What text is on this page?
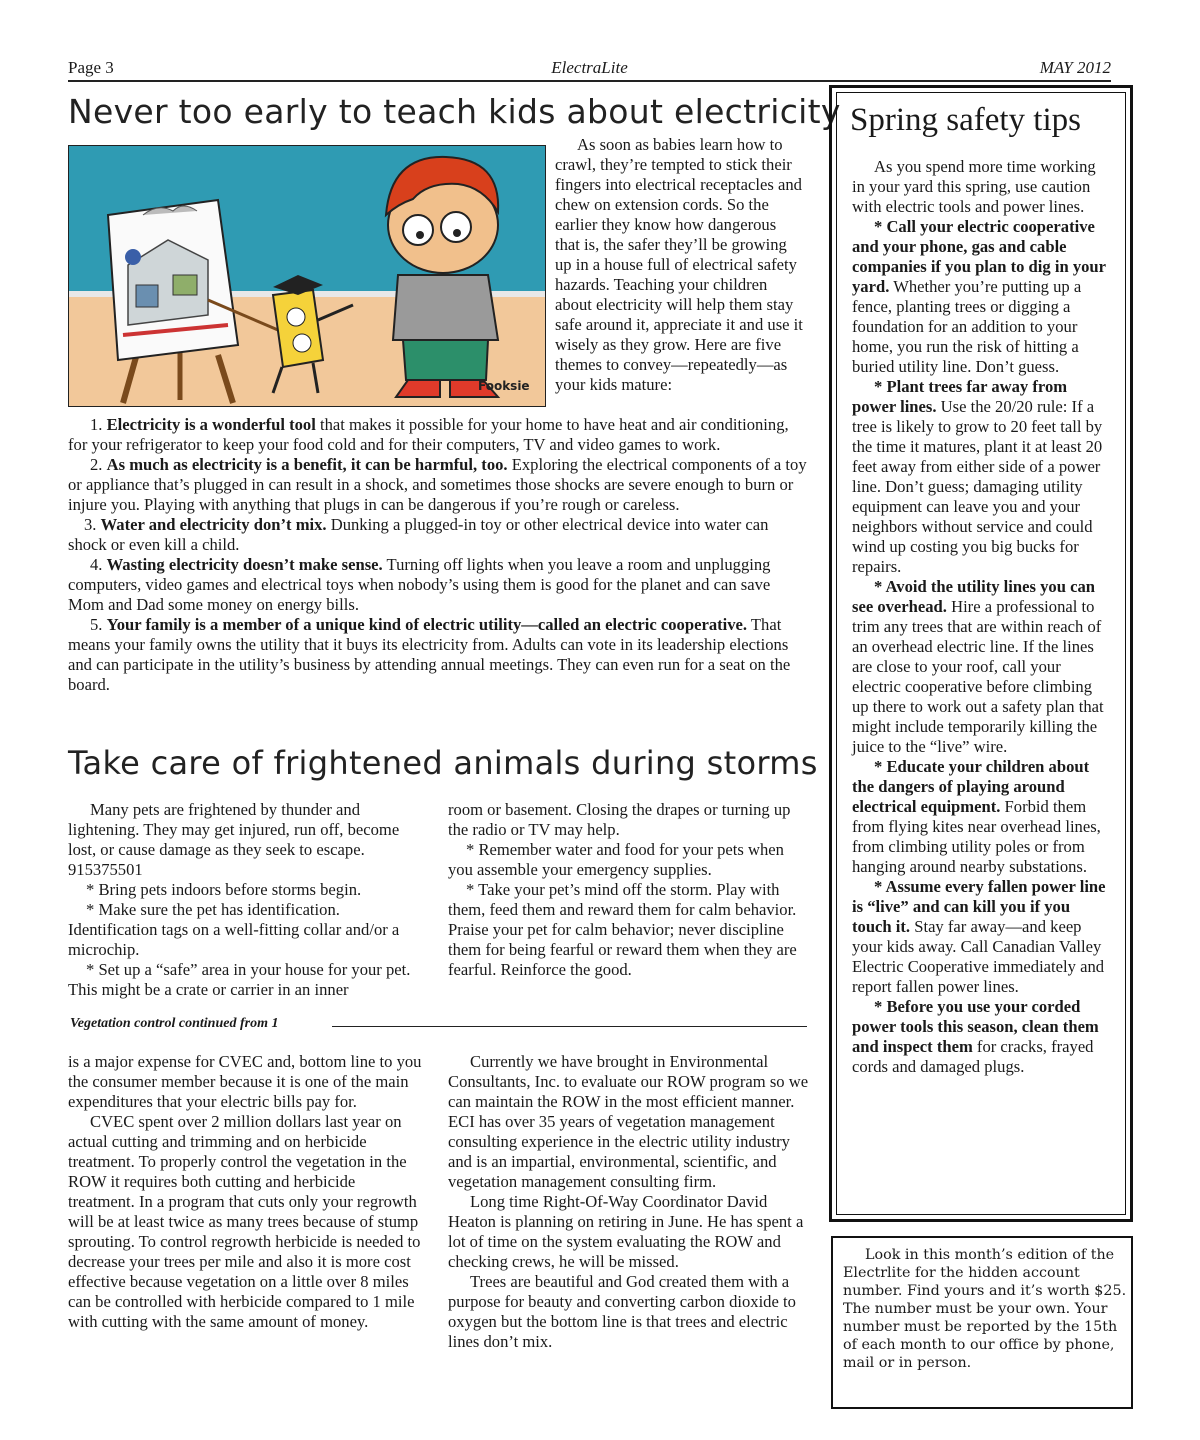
Page 3	ElectraLite	MAY 2012
Never too early to teach kids about electricity
Fooksie

As soon as babies learn how to crawl, they’re tempted to stick their fingers into electrical receptacles and chew on extension cords. So the earlier they know how dangerous that is, the safer they’ll be growing up in a house full of electrical safety hazards. Teaching your children about electricity will help them stay safe around it, appreciate it and use it wisely as they grow. Here are five themes to convey—repeatedly—as your kids mature:

1. Electricity is a wonderful tool that makes it possible for your home to have heat and air conditioning, for your refrigerator to keep your food cold and for their computers, TV and video games to work.

2. As much as electricity is a benefit, it can be harmful, too. Exploring the electrical components of a toy or appliance that’s plugged in can result in a shock, and sometimes those shocks are severe enough to burn or injure you. Playing with anything that plugs in can be dangerous if you’re rough or careless.

3. Water and electricity don’t mix. Dunking a plugged-in toy or other electrical device into water can shock or even kill a child.

4. Wasting electricity doesn’t make sense. Turning off lights when you leave a room and unplugging computers, video games and electrical toys when nobody’s using them is good for the planet and can save Mom and Dad some money on energy bills.

5. Your family is a member of a unique kind of electric utility—called an electric cooperative. That means your family owns the utility that it buys its electricity from. Adults can vote in its leadership elections and can participate in the utility’s business by attending annual meetings. They can even run for a seat on the board.

Take care of frightened animals during storms

Many pets are frightened by thunder and lightening. They may get injured, run off, become lost, or cause damage as they seek to escape. 915375501

* Bring pets indoors before storms begin.

* Make sure the pet has identification. Identification tags on a well-fitting collar and/or a microchip.

* Set up a “safe” area in your house for your pet. This might be a crate or carrier in an inner

room or basement. Closing the drapes or turning up the radio or TV may help.

* Remember water and food for your pets when you assemble your emergency supplies.

* Take your pet’s mind off the storm. Play with them, feed them and reward them for calm behavior. Praise your pet for calm behavior; never discipline them for being fearful or reward them when they are fearful. Reinforce the good.

Vegetation control continued from 1

is a major expense for CVEC and, bottom line to you the consumer member because it is one of the main expenditures that your electric bills pay for.

CVEC spent over 2 million dollars last year on actual cutting and trimming and on herbicide treatment. To properly control the vegetation in the ROW it requires both cutting and herbicide treatment. In a program that cuts only your regrowth will be at least twice as many trees because of stump sprouting. To control regrowth herbicide is needed to decrease your trees per mile and also it is more cost effective because vegetation on a little over 8 miles can be controlled with herbicide compared to 1 mile with cutting with the same amount of money.

Currently we have brought in Environmental Consultants, Inc. to evaluate our ROW program so we can maintain the ROW in the most efficient manner. ECI has over 35 years of vegetation management consulting experience in the electric utility industry and is an impartial, environmental, scientific, and vegetation management consulting firm.

Long time Right-Of-Way Coordinator David Heaton is planning on retiring in June. He has spent a lot of time on the system evaluating the ROW and checking crews, he will be missed.

Trees are beautiful and God created them with a purpose for beauty and converting carbon dioxide to oxygen but the bottom line is that trees and electric lines don’t mix.

Spring safety tips

As you spend more time working in your yard this spring, use caution with electric tools and power lines.

* Call your electric cooperative and your phone, gas and cable companies if you plan to dig in your yard. Whether you’re putting up a fence, planting trees or digging a foundation for an addition to your home, you run the risk of hitting a buried utility line. Don’t guess.

* Plant trees far away from power lines. Use the 20/20 rule: If a tree is likely to grow to 20 feet tall by the time it matures, plant it at least 20 feet away from either side of a power line. Don’t guess; damaging utility equipment can leave you and your neighbors without service and could wind up costing you big bucks for repairs.

* Avoid the utility lines you can see overhead. Hire a professional to trim any trees that are within reach of an overhead electric line. If the lines are close to your roof, call your electric cooperative before climbing up there to work out a safety plan that might include temporarily killing the juice to the “live” wire.

* Educate your children about the dangers of playing around electrical equipment. Forbid them from flying kites near overhead lines, from climbing utility poles or from hanging around nearby substations.

* Assume every fallen power line is “live” and can kill you if you touch it. Stay far away—and keep your kids away. Call Canadian Valley Electric Cooperative immediately and report fallen power lines.

* Before you use your corded power tools this season, clean them and inspect them for cracks, frayed cords and damaged plugs.

Look in this month’s edition of the Electrlite for the hidden account number. Find yours and it’s worth $25. The number must be your own. Your number must be reported by the 15th of each month to our office by phone, mail or in person.
